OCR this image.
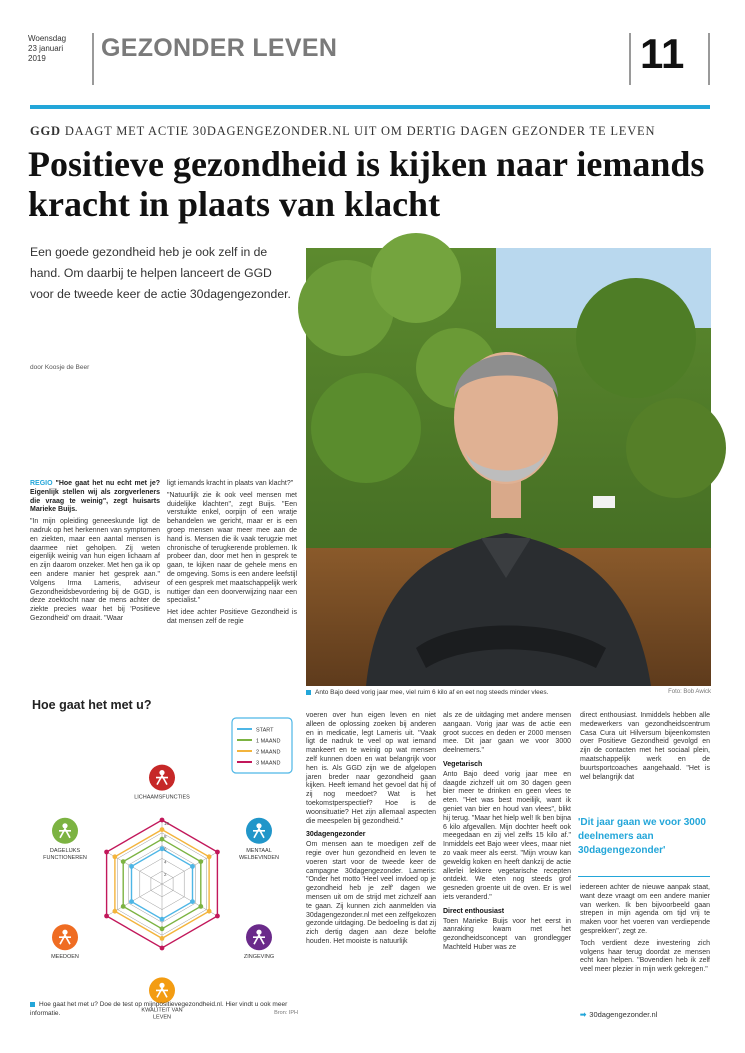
Woensdag
23 januari
2019	GEZONDER LEVEN	11
GGD DAAGT MET ACTIE 30DAGENGEZONDER.NL UIT OM DERTIG DAGEN GEZONDER TE LEVEN
Positieve gezondheid is kijken naar iemands kracht in plaats van klacht
Een goede gezondheid heb je ook zelf in de hand. Om daarbij te helpen lanceert de GGD voor de tweede keer de actie 30dagengezonder.
door Koosje de Beer
Anto Bajo deed vorig jaar mee, viel ruim 6 kilo af en eet nog steeds minder vlees.	Foto: Bob Awick

REGIO "Hoe gaat het nu echt met je? Eigenlijk stellen wij als zorgverleners die vraag te weinig", zegt huisarts Marieke Buijs.

"In mijn opleiding geneeskunde ligt de nadruk op het herkennen van symptomen en ziekten, maar een aantal mensen is daarmee niet geholpen. Zij weten eigenlijk weinig van hun eigen lichaam af en zijn daarom onzeker. Met hen ga ik op een andere manier het gesprek aan." Volgens Irma Lameris, adviseur Gezondheidsbevordering bij de GGD, is deze zoektocht naar de mens achter de ziekte precies waar het bij 'Positieve Gezondheid' om draait. "Waar

ligt iemands kracht in plaats van klacht?"

"Natuurlijk zie ik ook veel mensen met duidelijke klachten", zegt Buijs. "Een verstuikte enkel, oorpijn of een wratje behandelen we gericht, maar er is een groep mensen waar meer mee aan de hand is. Mensen die ik vaak terugzie met chronische of terugkerende problemen. Ik probeer dan, door met hen in gesprek te gaan, te kijken naar de gehele mens en de omgeving. Soms is een andere leefstijl of een gesprek met maatschappelijk werk nuttiger dan een doorverwijzing naar een specialist."

Het idee achter Positieve Gezondheid is dat mensen zelf de regie

voeren over hun eigen leven en niet alleen de oplossing zoeken bij anderen en in medicatie, legt Lameris uit. "Vaak ligt de nadruk te veel op wat iemand mankeert en te weinig op wat mensen zelf kunnen doen en wat belangrijk voor hen is. Als GGD zijn we de afgelopen jaren breder naar gezondheid gaan kijken. Heeft iemand het gevoel dat hij of zij nog meedoet? Wat is het toekomstperspectief? Hoe is de woonsituatie? Het zijn allemaal aspecten die meespelen bij gezondheid."

30dagengezonder

Om mensen aan te moedigen zelf de regie over hun gezondheid en leven te voeren start voor de tweede keer de campagne 30dagengezonder. Lameris: "Onder het motto 'Heel veel invloed op je gezondheid heb je zelf' dagen we mensen uit om de strijd met zichzelf aan te gaan. Zij kunnen zich aanmelden via 30dagengezonder.nl met een zelfgekozen gezonde uitdaging. De bedoeling is dat zij zich dertig dagen aan deze belofte houden. Het mooiste is natuurlijk

als ze de uitdaging met andere mensen aangaan. Vorig jaar was de actie een groot succes en deden er 2000 mensen mee. Dit jaar gaan we voor 3000 deelnemers."

Vegetarisch

Anto Bajo deed vorig jaar mee en daagde zichzelf uit om 30 dagen geen bier meer te drinken en geen vlees te eten. "Het was best moeilijk, want ik geniet van bier en houd van vlees", blikt hij terug. "Maar het hielp wel! Ik ben bijna 6 kilo afgevallen. Mijn dochter heeft ook meegedaan en zij viel zelfs 15 kilo af." Inmiddels eet Bajo weer vlees, maar niet zo vaak meer als eerst. "Mijn vrouw kan geweldig koken en heeft dankzij de actie allerlei lekkere vegetarische recepten ontdekt. We eten nog steeds grof gesneden groente uit de oven. Er is wel iets veranderd."

Direct enthousiast

Toen Marieke Buijs voor het eerst in aanraking kwam met het gezondheidsconcept van grondlegger Machteld Huber was ze

direct enthousiast. Inmiddels hebben alle medewerkers van gezondheidscentrum Casa Cura uit Hilversum bijeenkomsten over Positieve Gezondheid gevolgd en zijn de contacten met het sociaal plein, maatschappelijk werk en de buurtsportcoaches aangehaald. "Het is wel belangrijk dat

'Dit jaar gaan we voor 3000 deelnemers aan 30dagengezonder'

iedereen achter de nieuwe aanpak staat, want deze vraagt om een andere manier van werken. Ik ben bijvoorbeeld gaan strepen in mijn agenda om tijd vrij te maken voor het voeren van verdiepende gesprekken", zegt ze.

Toch verdient deze investering zich volgens haar terug doordat ze mensen echt kan helpen. "Bovendien heb ik zelf veel meer plezier in mijn werk gekregen."

➡ 30dagengezonder.nl
Hoe gaat het met u?
START
1 MAAND
2 MAAND
3 MAAND
2
4
6
8
10
LICHAAMSFUNCTIES
MENTAAL
WELBEVINDEN
ZINGEVING
KWALITEIT VAN
LEVEN
MEEDOEN
DAGELIJKS
FUNCTIONEREN
Hoe gaat het met u? Doe de test op mijnpositievegezondheid.nl. Hier vindt u ook meer informatie.	Bron: IPH
